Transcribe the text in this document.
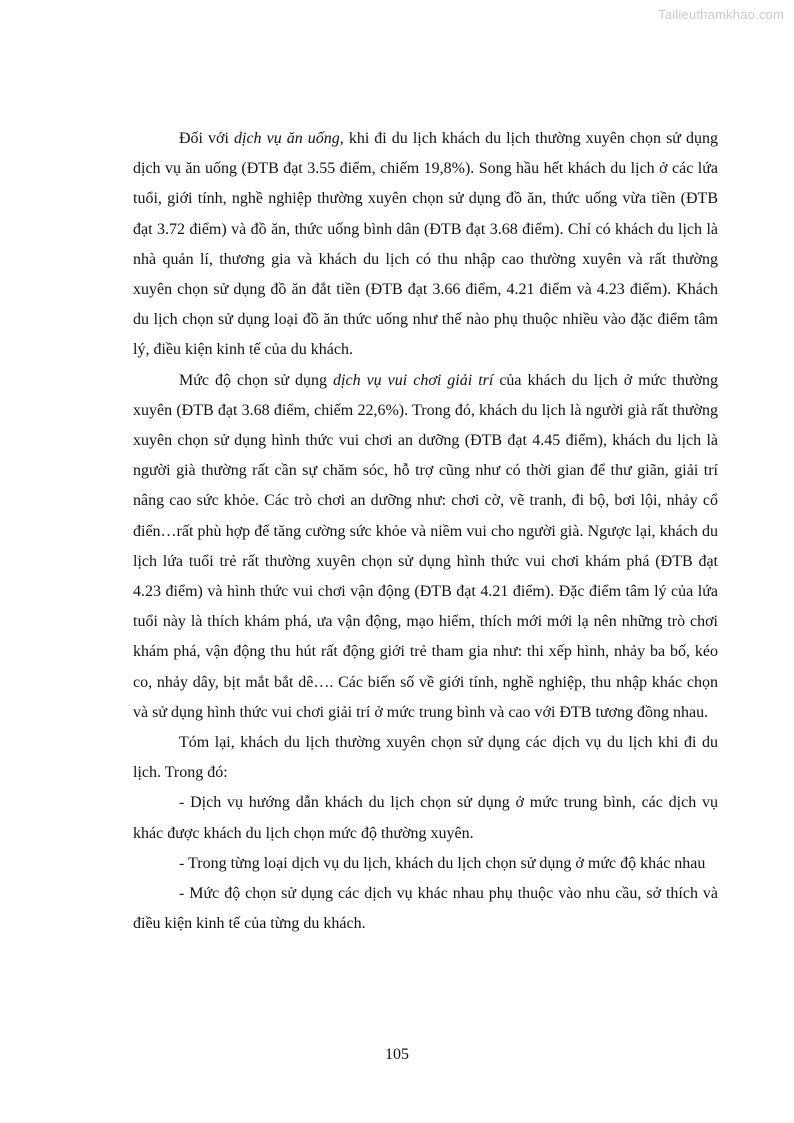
Tailieuthamkhao.com

Đối với dịch vụ ăn uống, khi đi du lịch khách du lịch thường xuyên chọn sử dụng dịch vụ ăn uống (ĐTB đạt 3.55 điểm, chiếm 19,8%). Song hầu hết khách du lịch ở các lứa tuổi, giới tính, nghề nghiệp thường xuyên chọn sử dụng đồ ăn, thức uống vừa tiền (ĐTB đạt 3.72 điểm) và đồ ăn, thức uống bình dân (ĐTB đạt 3.68 điểm). Chỉ có khách du lịch là nhà quản lí, thương gia và khách du lịch có thu nhập cao thường xuyên và rất thường xuyên chọn sử dụng đồ ăn đắt tiền (ĐTB đạt 3.66 điểm, 4.21 điểm và 4.23 điểm). Khách du lịch chọn sử dụng loại đồ ăn thức uống như thế nào phụ thuộc nhiều vào đặc điểm tâm lý, điều kiện kinh tế của du khách.

Mức độ chọn sử dụng dịch vụ vui chơi giải trí của khách du lịch ở mức thường xuyên (ĐTB đạt 3.68 điểm, chiếm 22,6%). Trong đó, khách du lịch là người già rất thường xuyên chọn sử dụng hình thức vui chơi an dưỡng (ĐTB đạt 4.45 điểm), khách du lịch là người già thường rất cần sự chăm sóc, hỗ trợ cũng như có thời gian để thư giãn, giải trí nâng cao sức khỏe. Các trò chơi an dưỡng như: chơi cờ, vẽ tranh, đi bộ, bơi lội, nhảy cổ điển…rất phù hợp để tăng cường sức khỏe và niềm vui cho người già. Ngược lại, khách du lịch lứa tuổi trẻ rất thường xuyên chọn sử dụng hình thức vui chơi khám phá (ĐTB đạt 4.23 điểm) và hình thức vui chơi vận động (ĐTB đạt 4.21 điểm). Đặc điểm tâm lý của lứa tuổi này là thích khám phá, ưa vận động, mạo hiểm, thích mới mới lạ nên những trò chơi khám phá, vận động thu hút rất động giới trẻ tham gia như: thi xếp hình, nhảy ba bố, kéo co, nhảy dây, bịt mắt bắt dê…. Các biến số về giới tính, nghề nghiệp, thu nhập khác chọn và sử dụng hình thức vui chơi giải trí ở mức trung bình và cao với ĐTB tương đồng nhau.

Tóm lại, khách du lịch thường xuyên chọn sử dụng các dịch vụ du lịch khi đi du lịch. Trong đó:

- Dịch vụ hướng dẫn khách du lịch chọn sử dụng ở mức trung bình, các dịch vụ khác được khách du lịch chọn mức độ thường xuyên.

- Trong từng loại dịch vụ du lịch, khách du lịch chọn sử dụng ở mức độ khác nhau

- Mức độ chọn sử dụng các dịch vụ khác nhau phụ thuộc vào nhu cầu, sở thích và điều kiện kinh tế của từng du khách.

105
